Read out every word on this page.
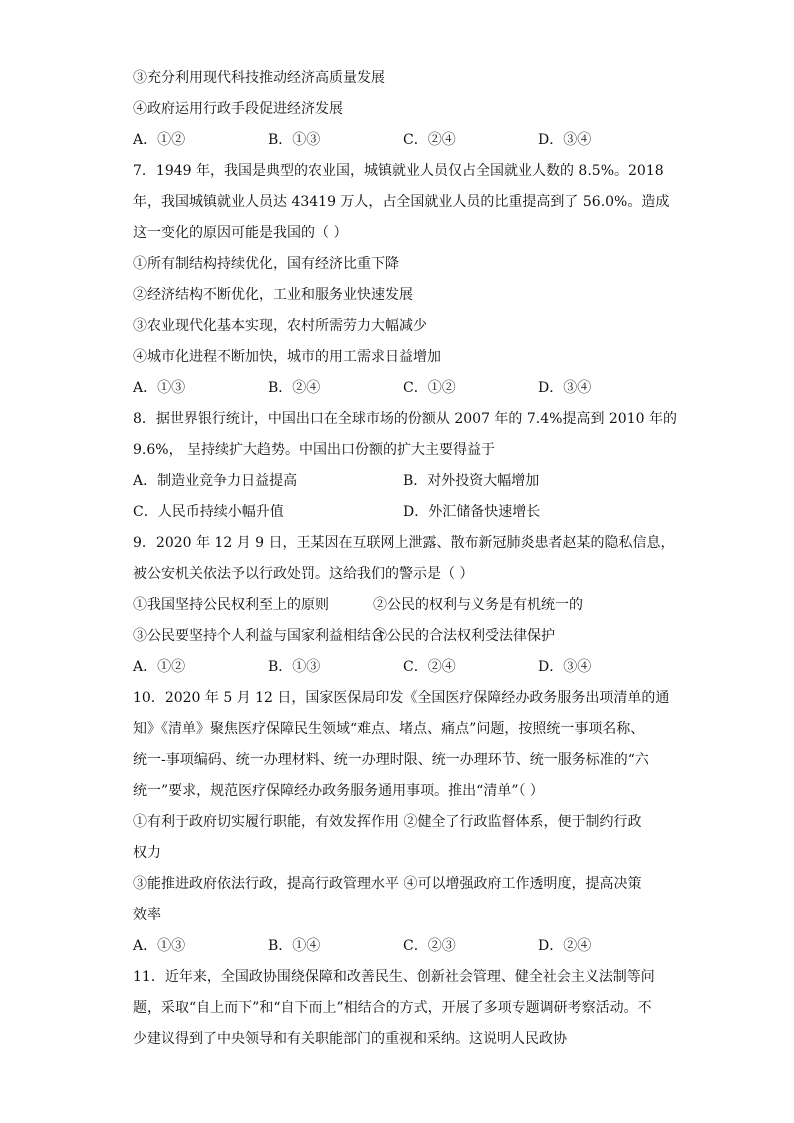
③充分利用现代科技推动经济高质量发展
④政府运用行政手段促进经济发展
A．①②	B．①③	C．②④	D．③④
7．1949 年，我国是典型的农业国，城镇就业人员仅占全国就业人数的 8.5%。2018
年，我国城镇就业人员达 43419 万人，占全国就业人员的比重提高到了 56.0%。造成
这一变化的原因可能是我国的（ ）
①所有制结构持续优化，国有经济比重下降
②经济结构不断优化，工业和服务业快速发展
③农业现代化基本实现，农村所需劳力大幅减少
④城市化进程不断加快，城市的用工需求日益增加
A．①③	B．②④	C．①②	D．③④
8．据世界银行统计，中国出口在全球市场的份额从 2007 年的 7.4%提高到 2010 年的
9.6%， 呈持续扩大趋势。中国出口份额的扩大主要得益于
A．制造业竞争力日益提高	B．对外投资大幅增加
C．人民币持续小幅升值	D．外汇储备快速增长
9．2020 年 12 月 9 日，王某因在互联网上泄露、散布新冠肺炎患者赵某的隐私信息，
被公安机关依法予以行政处罚。这给我们的警示是（ ）
①我国坚持公民权利至上的原则	②公民的权利与义务是有机统一的
③公民要坚持个人利益与国家利益相结合
④公民的合法权利受法律保护
A．①②	B．①③	C．②④	D．③④
10．2020 年 5 月 12 日，国家医保局印发《全国医疗保障经办政务服务出项清单的通
知》《清单》聚焦医疗保障民生领域“难点、堵点、痛点”问题，按照统一事项名称、
统一-事项编码、统一办理材料、统一办理时限、统一办理环节、统一服务标准的“六
统一”要求，规范医疗保障经办政务服务通用事项。推出“清单”（ ）
①有利于政府切实履行职能，有效发挥作用 ②健全了行政监督体系，便于制约行政
权力
③能推进政府依法行政，提高行政管理水平 ④可以增强政府工作透明度，提高决策
效率
A．①③	B．①④	C．②③	D．②④
11．近年来，全国政协围绕保障和改善民生、创新社会管理、健全社会主义法制等问
题，采取“自上而下”和“自下而上”相结合的方式，开展了多项专题调研考察活动。不
少建议得到了中央领导和有关职能部门的重视和采纳。这说明人民政协
